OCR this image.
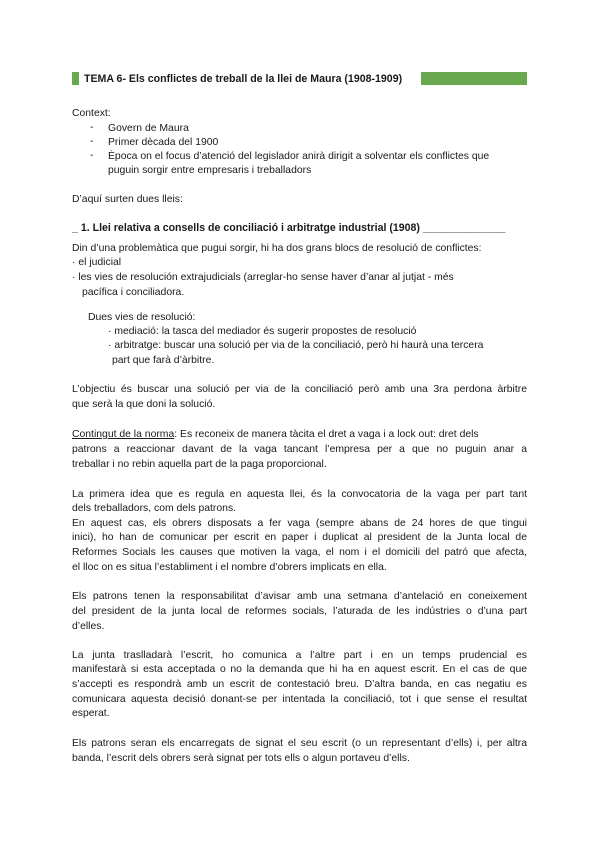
TEMA 6- Els conflictes de treball de la llei de Maura (1908-1909)
Context:
- Govern de Maura
- Primer dècada del 1900
- Època on el focus d’atenció del legislador anirà dirigit a solventar els conflictes que
puguin sorgir entre empresaris i treballadors
D’aquí surten dues lleis:
_ 1. Llei relativa a consells de conciliació i arbitratge industrial (1908) ______________
Din d’una problemàtica que pugui sorgir, hi ha dos grans blocs de resolució de conflictes:
· el judicial
· les vies de resolución extrajudicials (arreglar-ho sense haver d’anar al jutjat - més
pacífica i conciliadora.
Dues vies de resolució:
· mediació: la tasca del mediador és sugerir propostes de resolució
· arbitratge: buscar una solució per via de la conciliació, però hi haurà una tercera
part que farà d’àrbitre.
L’objectiu és buscar una solució per via de la conciliació però amb una 3ra perdona àrbitre
que serà la que doni la solució.
Contingut de la norma: Es reconeix de manera tàcita el dret a vaga i a lock out: dret dels
patrons a reaccionar davant de la vaga tancant l’empresa per a que no puguin anar a
treballar i no rebin aquella part de la paga proporcional.
La primera idea que es regula en aquesta llei, és la convocatoria de la vaga per part tant
dels treballadors, com dels patrons.
En aquest cas, els obrers disposats a fer vaga (sempre abans de 24 hores de que tingui
inici), ho han de comunicar per escrit en paper i duplicat al president de la Junta local de
Reformes Socials les causes que motiven la vaga, el nom i el domicili del patró que afecta,
el lloc on es situa l’establiment i el nombre d’obrers implicats en ella.
Els patrons tenen la responsabilitat d’avisar amb una setmana d’antelació en coneixement
del president de la junta local de reformes socials, l’aturada de les indústries o d’una part
d’elles.
La junta traslladarà l’escrit, ho comunica a l’altre part i en un temps prudencial es
manifestarà si esta acceptada o no la demanda que hi ha en aquest escrit. En el cas de que
s’accepti es respondrà amb un escrit de contestació breu. D’altra banda, en cas negatiu es
comunicara aquesta decisió donant-se per intentada la conciliació, tot i que sense el resultat
esperat.
Els patrons seran els encarregats de signat el seu escrit (o un representant d’ells) i, per altra
banda, l’escrit dels obrers serà signat per tots ells o algun portaveu d’ells.
